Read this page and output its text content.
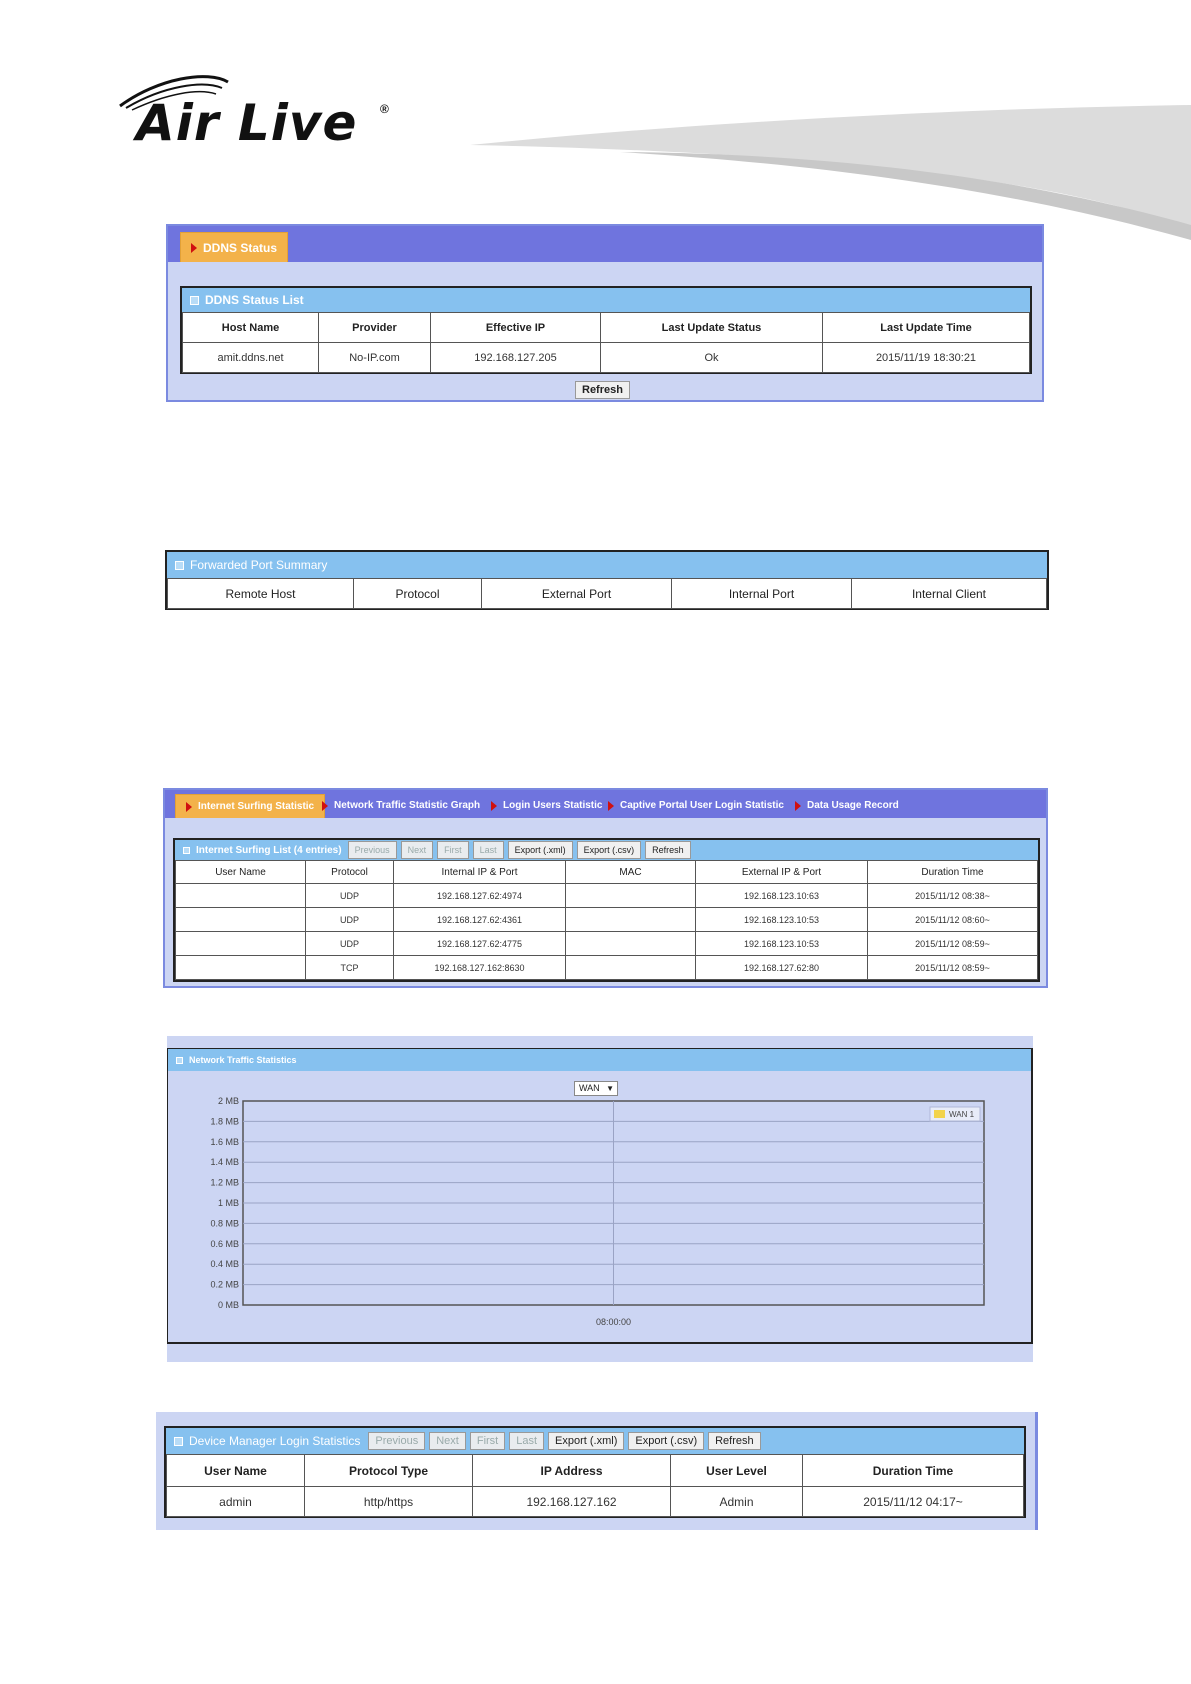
Air Live ®
DDNS Status
DDNS Status List
Host Name	Provider	Effective IP	Last Update Status	Last Update Time
amit.ddns.net	No-IP.com	192.168.127.205	Ok	2015/11/19 18:30:21
Refresh
Forwarded Port Summary
Remote Host	Protocol	External Port	Internal Port	Internal Client
Internet Surfing Statistic	Network Traffic Statistic Graph	Login Users Statistic	Captive Portal User Login Statistic	Data Usage Record
Internet Surfing List (4 entries)	Previous	Next	First	Last	Export (.xml)	Export (.csv)	Refresh
User Name	Protocol	Internal IP & Port	MAC	External IP & Port	Duration Time
	UDP	192.168.127.62:4974		192.168.123.10:63	2015/11/12 08:38~
	UDP	192.168.127.62:4361		192.168.123.10:53	2015/11/12 08:60~
	UDP	192.168.127.62:4775		192.168.123.10:53	2015/11/12 08:59~
	TCP	192.168.127.162:8630		192.168.127.62:80	2015/11/12 08:59~
Network Traffic Statistics
WAN ▼
2 MB
1.8 MB
1.6 MB
1.4 MB
1.2 MB
1 MB
0.8 MB
0.6 MB
0.4 MB
0.2 MB
0 MB
08:00:00
WAN 1
Device Manager Login Statistics	Previous	Next	First	Last	Export (.xml)	Export (.csv)	Refresh
User Name	Protocol Type	IP Address	User Level	Duration Time
admin	http/https	192.168.127.162	Admin	2015/11/12 04:17~
